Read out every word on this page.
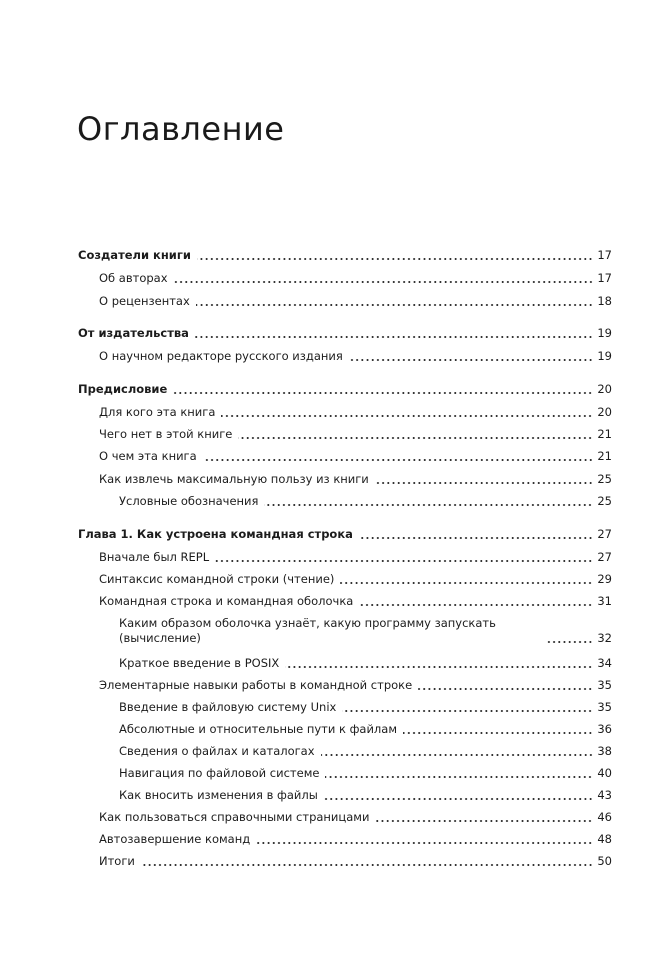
Оглавление
Создатели книги	17
Об авторах	17
О рецензентах	18
От издательства	19
О научном редакторе русского издания	19
Предисловие	20
Для кого эта книга	20
Чего нет в этой книге	21
О чем эта книга	21
Как извлечь максимальную пользу из книги	25
Условные обозначения	25
Глава 1. Как устроена командная строка	27
Вначале был REPL	27
Синтаксис командной строки (чтение)	29
Командная строка и командная оболочка	31
Каким образом оболочка узнаёт, какую программу запускать (вычисление)	32
Краткое введение в POSIX	34
Элементарные навыки работы в командной строке	35
Введение в файловую систему Unix	35
Абсолютные и относительные пути к файлам	36
Сведения о файлах и каталогах	38
Навигация по файловой системе	40
Как вносить изменения в файлы	43
Как пользоваться справочными страницами	46
Автозавершение команд	48
Итоги	50
